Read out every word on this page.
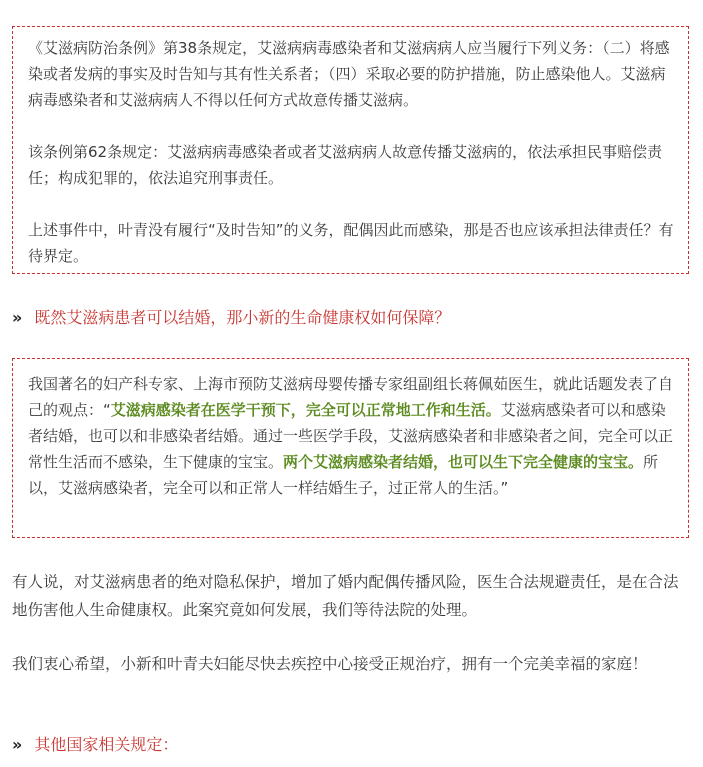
《艾滋病防治条例》第38条规定，艾滋病病毒感染者和艾滋病病人应当履行下列义务：（二）将感染或者发病的事实及时告知与其有性关系者；（四）采取必要的防护措施，防止感染他人。艾滋病病毒感染者和艾滋病病人不得以任何方式故意传播艾滋病。

该条例第62条规定：艾滋病病毒感染者或者艾滋病病人故意传播艾滋病的，依法承担民事赔偿责任；构成犯罪的，依法追究刑事责任。

上述事件中，叶青没有履行“及时告知”的义务，配偶因此而感染，那是否也应该承担法律责任？有待界定。

» 既然艾滋病患者可以结婚，那小新的生命健康权如何保障？

我国著名的妇产科专家、上海市预防艾滋病母婴传播专家组副组长蒋佩茹医生，就此话题发表了自己的观点：“艾滋病感染者在医学干预下，完全可以正常地工作和生活。艾滋病感染者可以和感染者结婚，也可以和非感染者结婚。通过一些医学手段，艾滋病感染者和非感染者之间，完全可以正常性生活而不感染，生下健康的宝宝。两个艾滋病感染者结婚，也可以生下完全健康的宝宝。所以，艾滋病感染者，完全可以和正常人一样结婚生子，过正常人的生活。”

有人说，对艾滋病患者的绝对隐私保护，增加了婚内配偶传播风险，医生合法规避责任，是在合法地伤害他人生命健康权。此案究竟如何发展，我们等待法院的处理。

我们衷心希望，小新和叶青夫妇能尽快去疾控中心接受正规治疗，拥有一个完美幸福的家庭！

» 其他国家相关规定：
